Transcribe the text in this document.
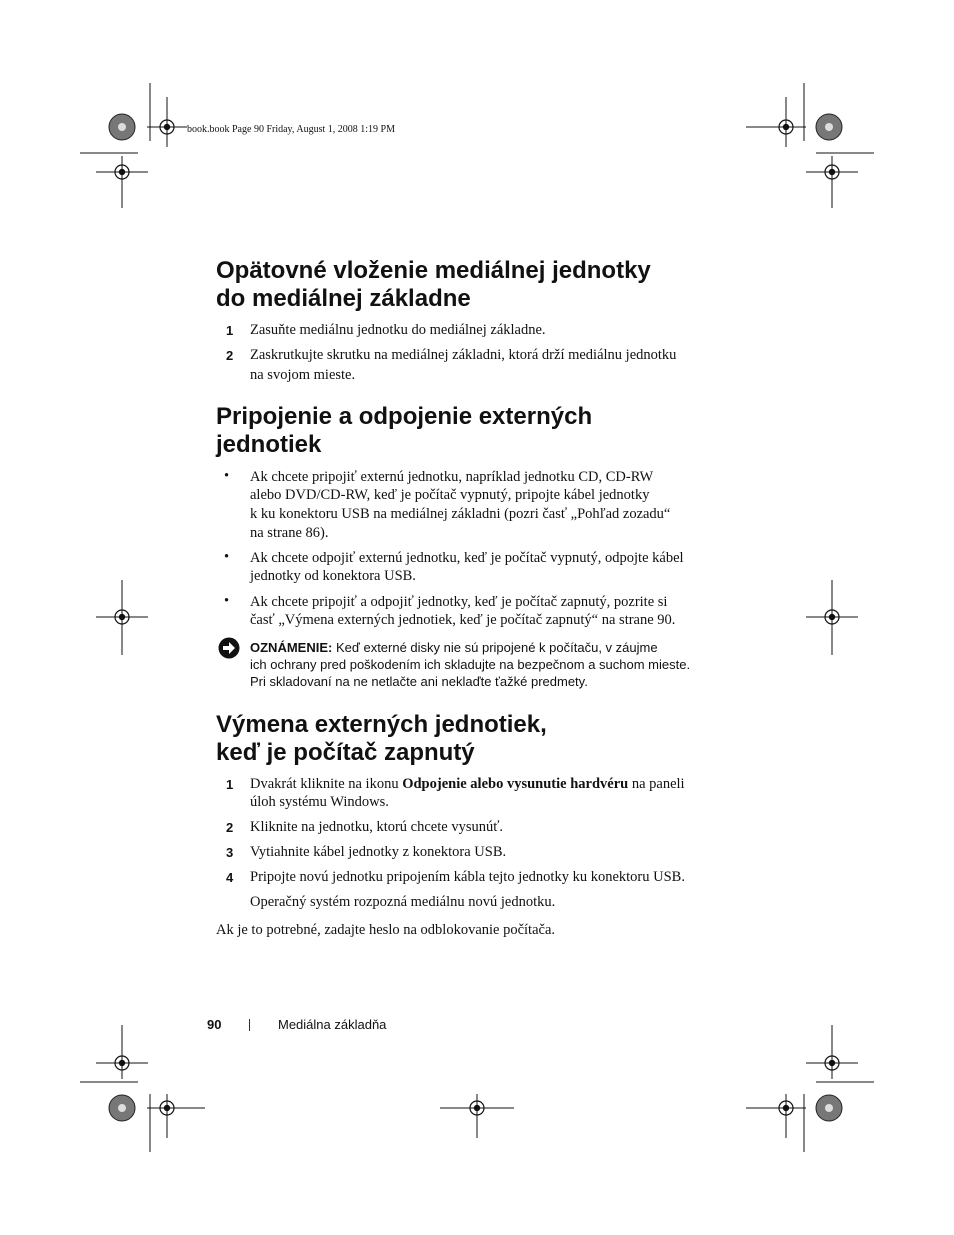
book.book Page 90 Friday, August 1, 2008 1:19 PM
Opätovné vloženie mediálnej jednotky
do mediálnej základne
1	Zasuňte mediálnu jednotku do mediálnej základne.
2	Zaskrutkujte skrutku na mediálnej základni, ktorá drží mediálnu jednotku
na svojom mieste.
Pripojenie a odpojenie externých
jednotiek
• Ak chcete pripojiť externú jednotku, napríklad jednotku CD, CD-RW
alebo DVD/CD-RW, keď je počítač vypnutý, pripojte kábel jednotky
k ku konektoru USB na mediálnej základni (pozri časť „Pohľad zozadu“
na strane 86).
• Ak chcete odpojiť externú jednotku, keď je počítač vypnutý, odpojte kábel
jednotky od konektora USB.
• Ak chcete pripojiť a odpojiť jednotky, keď je počítač zapnutý, pozrite si
časť „Výmena externých jednotiek, keď je počítač zapnutý“ na strane 90.
OZNÁMENIE: Keď externé disky nie sú pripojené k počítaču, v záujme
ich ochrany pred poškodením ich skladujte na bezpečnom a suchom mieste.
Pri skladovaní na ne netlačte ani neklaďte ťažké predmety.
Výmena externých jednotiek,
keď je počítač zapnutý
1	Dvakrát kliknite na ikonu Odpojenie alebo vysunutie hardvéru na paneli
úloh systému Windows.
2	Kliknite na jednotku, ktorú chcete vysunúť.
3	Vytiahnite kábel jednotky z konektora USB.
4	Pripojte novú jednotku pripojením kábla tejto jednotky ku konektoru USB.
Operačný systém rozpozná mediálnu novú jednotku.
Ak je to potrebné, zadajte heslo na odblokovanie počítača.
90	Mediálna základňa
